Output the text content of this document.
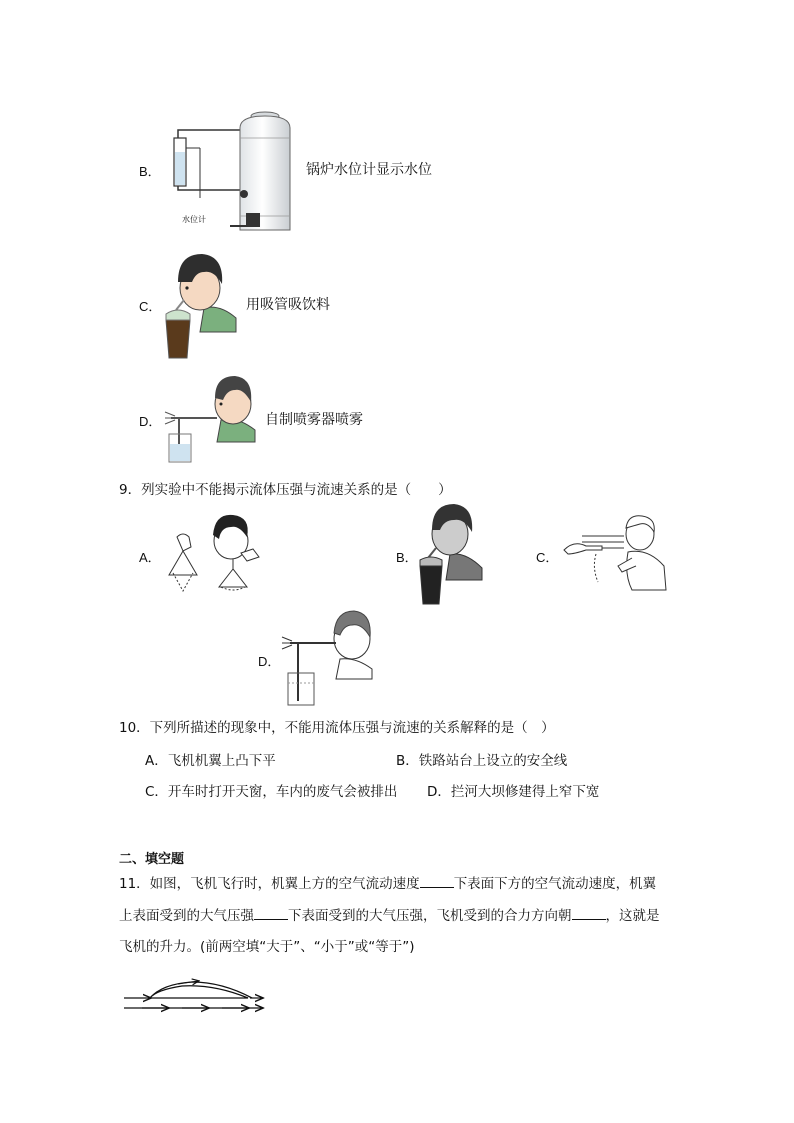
B．
水位计
锅炉水位计显示水位
C．	用吸管吸饮料
D．	自制喷雾器喷雾
9．列实验中不能揭示流体压强与流速关系的是（　　）
A．	B．	C．
D．
10．下列所描述的现象中，不能用流体压强与流速的关系解释的是（　）
A．飞机机翼上凸下平	B．铁路站台上设立的安全线
C．开车时打开天窗，车内的废气会被排出 D．拦河大坝修建得上窄下宽
二、填空题
11．如图，飞机飞行时，机翼上方的空气流动速度	下表面下方的空气流动速度，机翼
上表面受到的大气压强	下表面受到的大气压强，飞机受到的合力方向朝	，这就是
飞机的升力。(前两空填“大于”、“小于”或“等于”)
